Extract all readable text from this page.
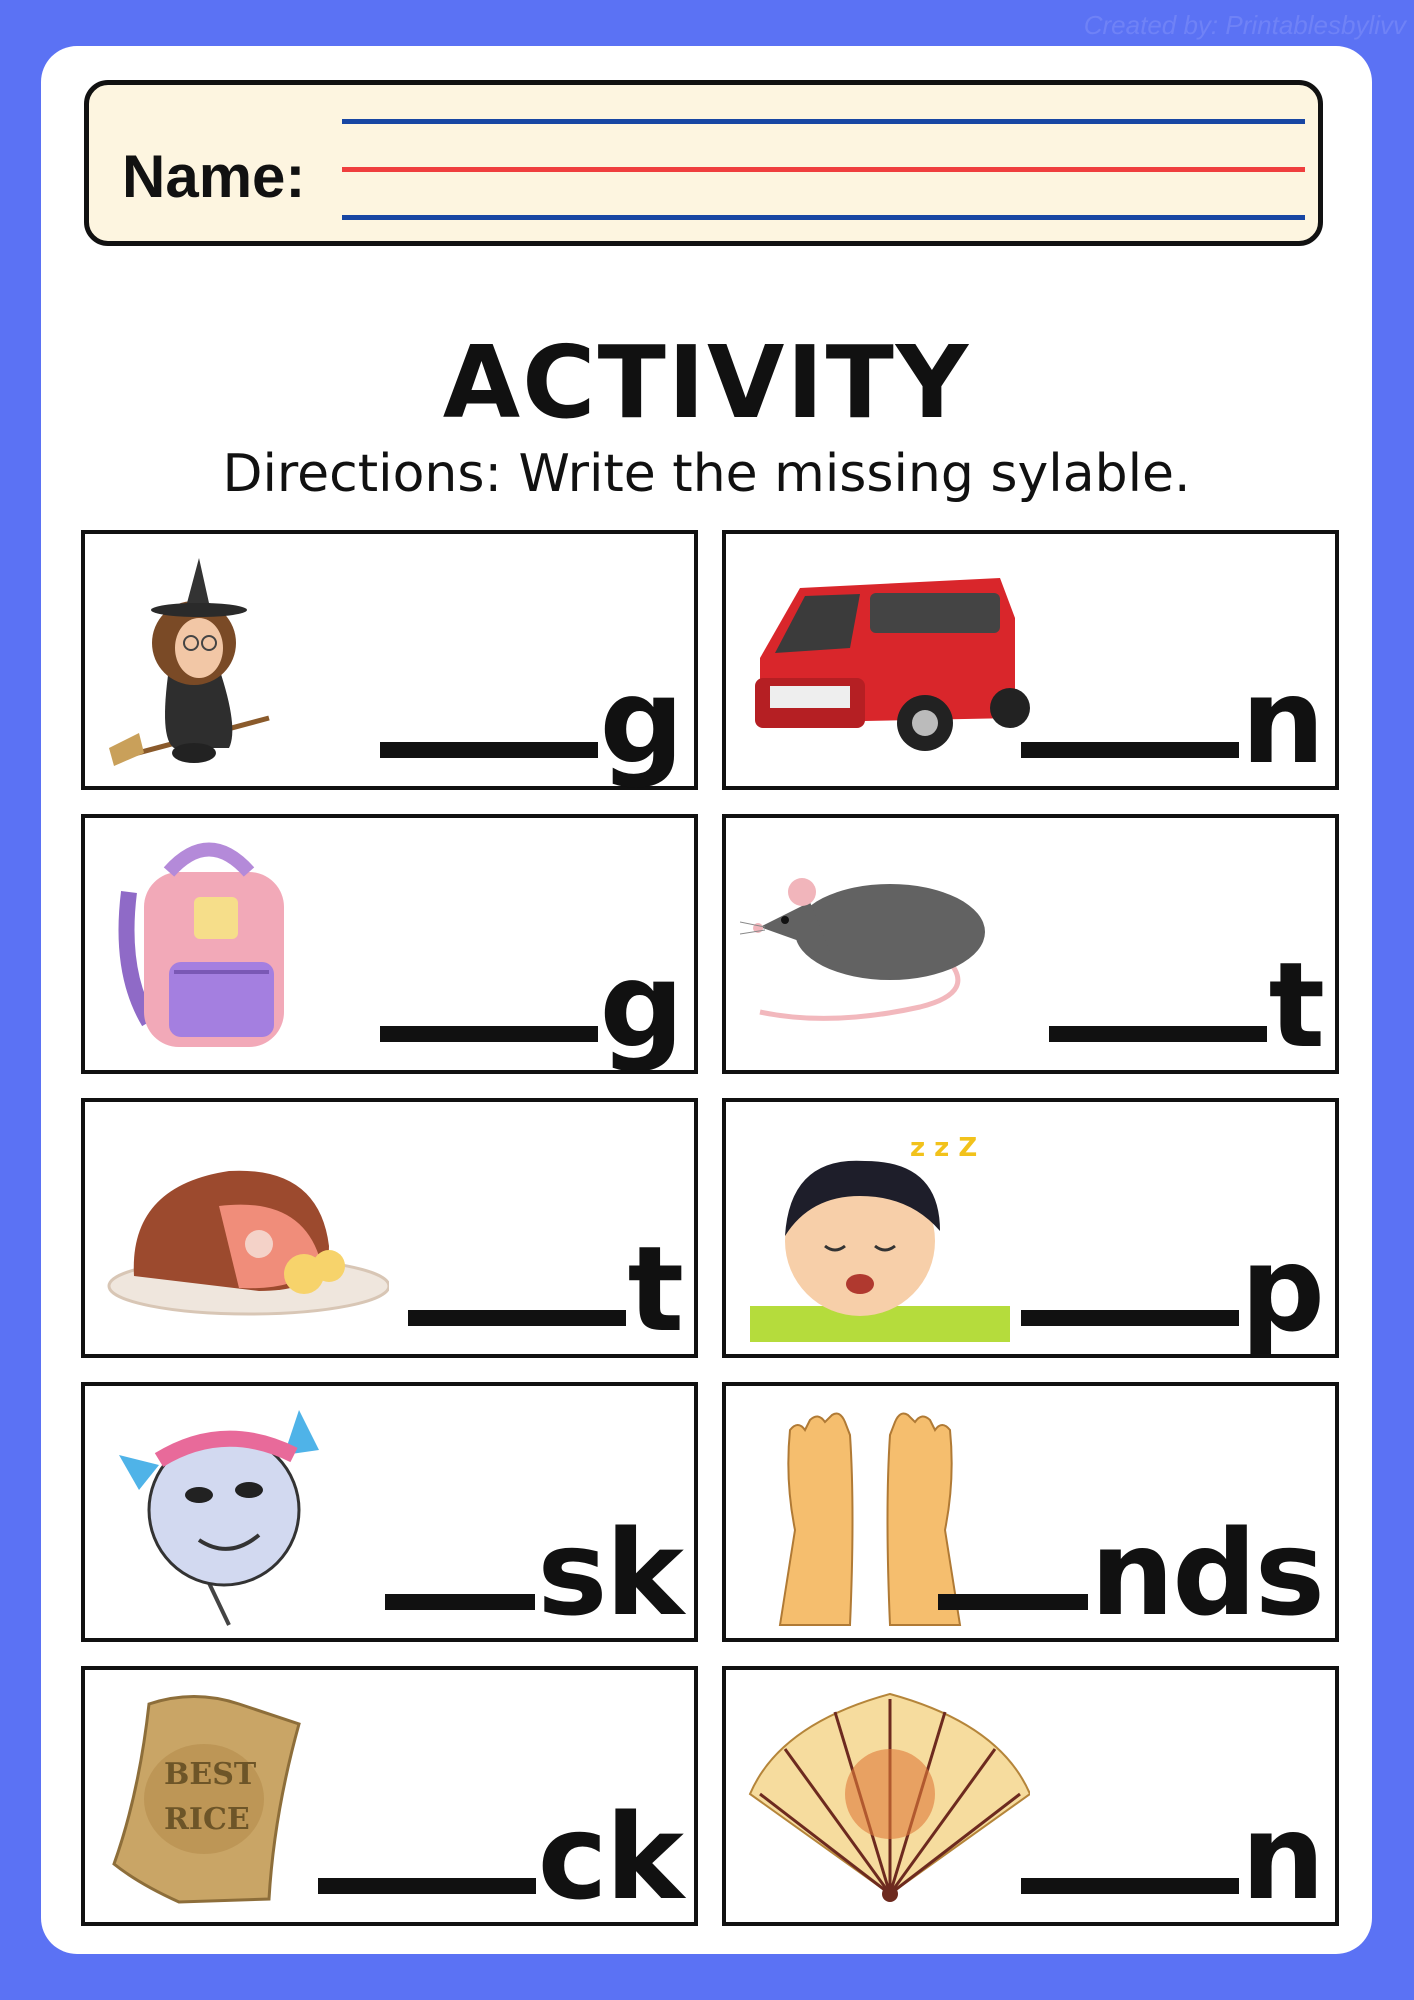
Created by: Printablesbylivv
Name:
ACTIVITY
Directions: Write the missing sylable.
g	n
g	t
t
z z Z
p
sk	nds
BEST
RICE ck	n
